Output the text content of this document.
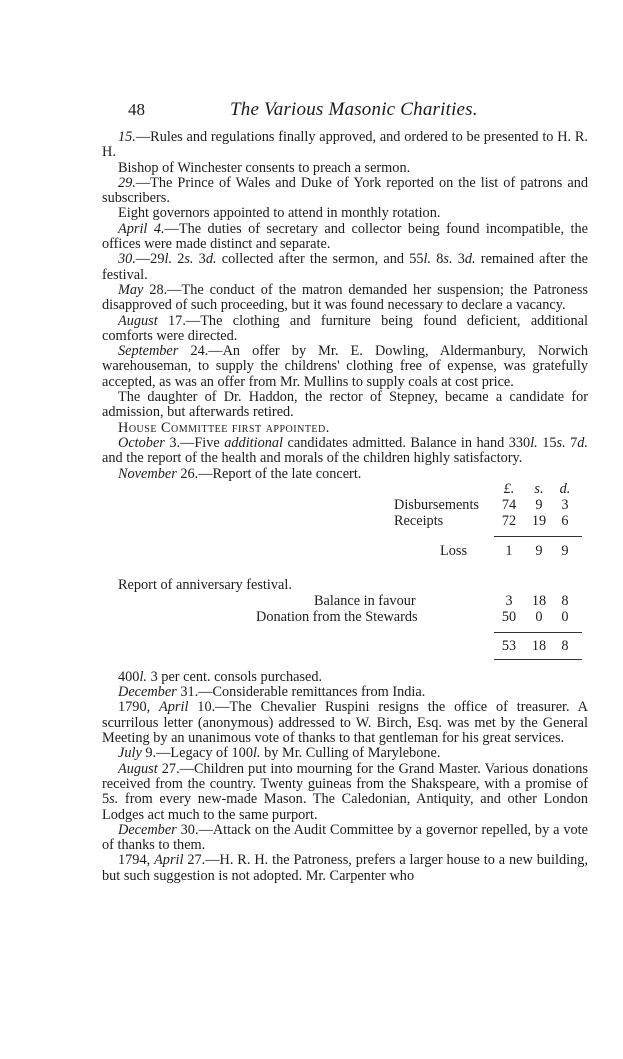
48	The Various Masonic Charities.

15.—Rules and regulations finally approved, and ordered to be presented to H. R. H.

Bishop of Winchester consents to preach a sermon.

29.—The Prince of Wales and Duke of York reported on the list of patrons and subscribers.

Eight governors appointed to attend in monthly rotation.

April 4.—The duties of secretary and collector being found incompatible, the offices were made distinct and separate.

30.—29l. 2s. 3d. collected after the sermon, and 55l. 8s. 3d. remained after the festival.

May 28.—The conduct of the matron demanded her suspension; the Patroness disapproved of such proceeding, but it was found necessary to declare a vacancy.

August 17.—The clothing and furniture being found deficient, additional comforts were directed.

September 24.—An offer by Mr. E. Dowling, Aldermanbury, Norwich warehouseman, to supply the childrens' clothing free of expense, was gratefully accepted, as was an offer from Mr. Mullins to supply coals at cost price.

The daughter of Dr. Haddon, the rector of Stepney, became a candidate for admission, but afterwards retired.

House Committee first appointed.

October 3.—Five additional candidates admitted. Balance in hand 330l. 15s. 7d. and the report of the health and morals of the children highly satisfactory.

November 26.—Report of the late concert.

£.	s.	d.
Disbursements	74	9	3
Receipts	72	19	6
Loss	1	9	9
Report of anniversary festival.
Balance in favour	3	18	8
Donation from the Stewards	50	0	0
53	18	8

400l. 3 per cent. consols purchased.

December 31.—Considerable remittances from India.

1790, April 10.—The Chevalier Ruspini resigns the office of treasurer. A scurrilous letter (anonymous) addressed to W. Birch, Esq. was met by the General Meeting by an unanimous vote of thanks to that gentleman for his great services.

July 9.—Legacy of 100l. by Mr. Culling of Marylebone.

August 27.—Children put into mourning for the Grand Master. Various donations received from the country. Twenty guineas from the Shakspeare, with a promise of 5s. from every new-made Mason. The Caledonian, Antiquity, and other London Lodges act much to the same purport.

December 30.—Attack on the Audit Committee by a governor repelled, by a vote of thanks to them.

1794, April 27.—H. R. H. the Patroness, prefers a larger house to a new building, but such suggestion is not adopted. Mr. Carpenter who
